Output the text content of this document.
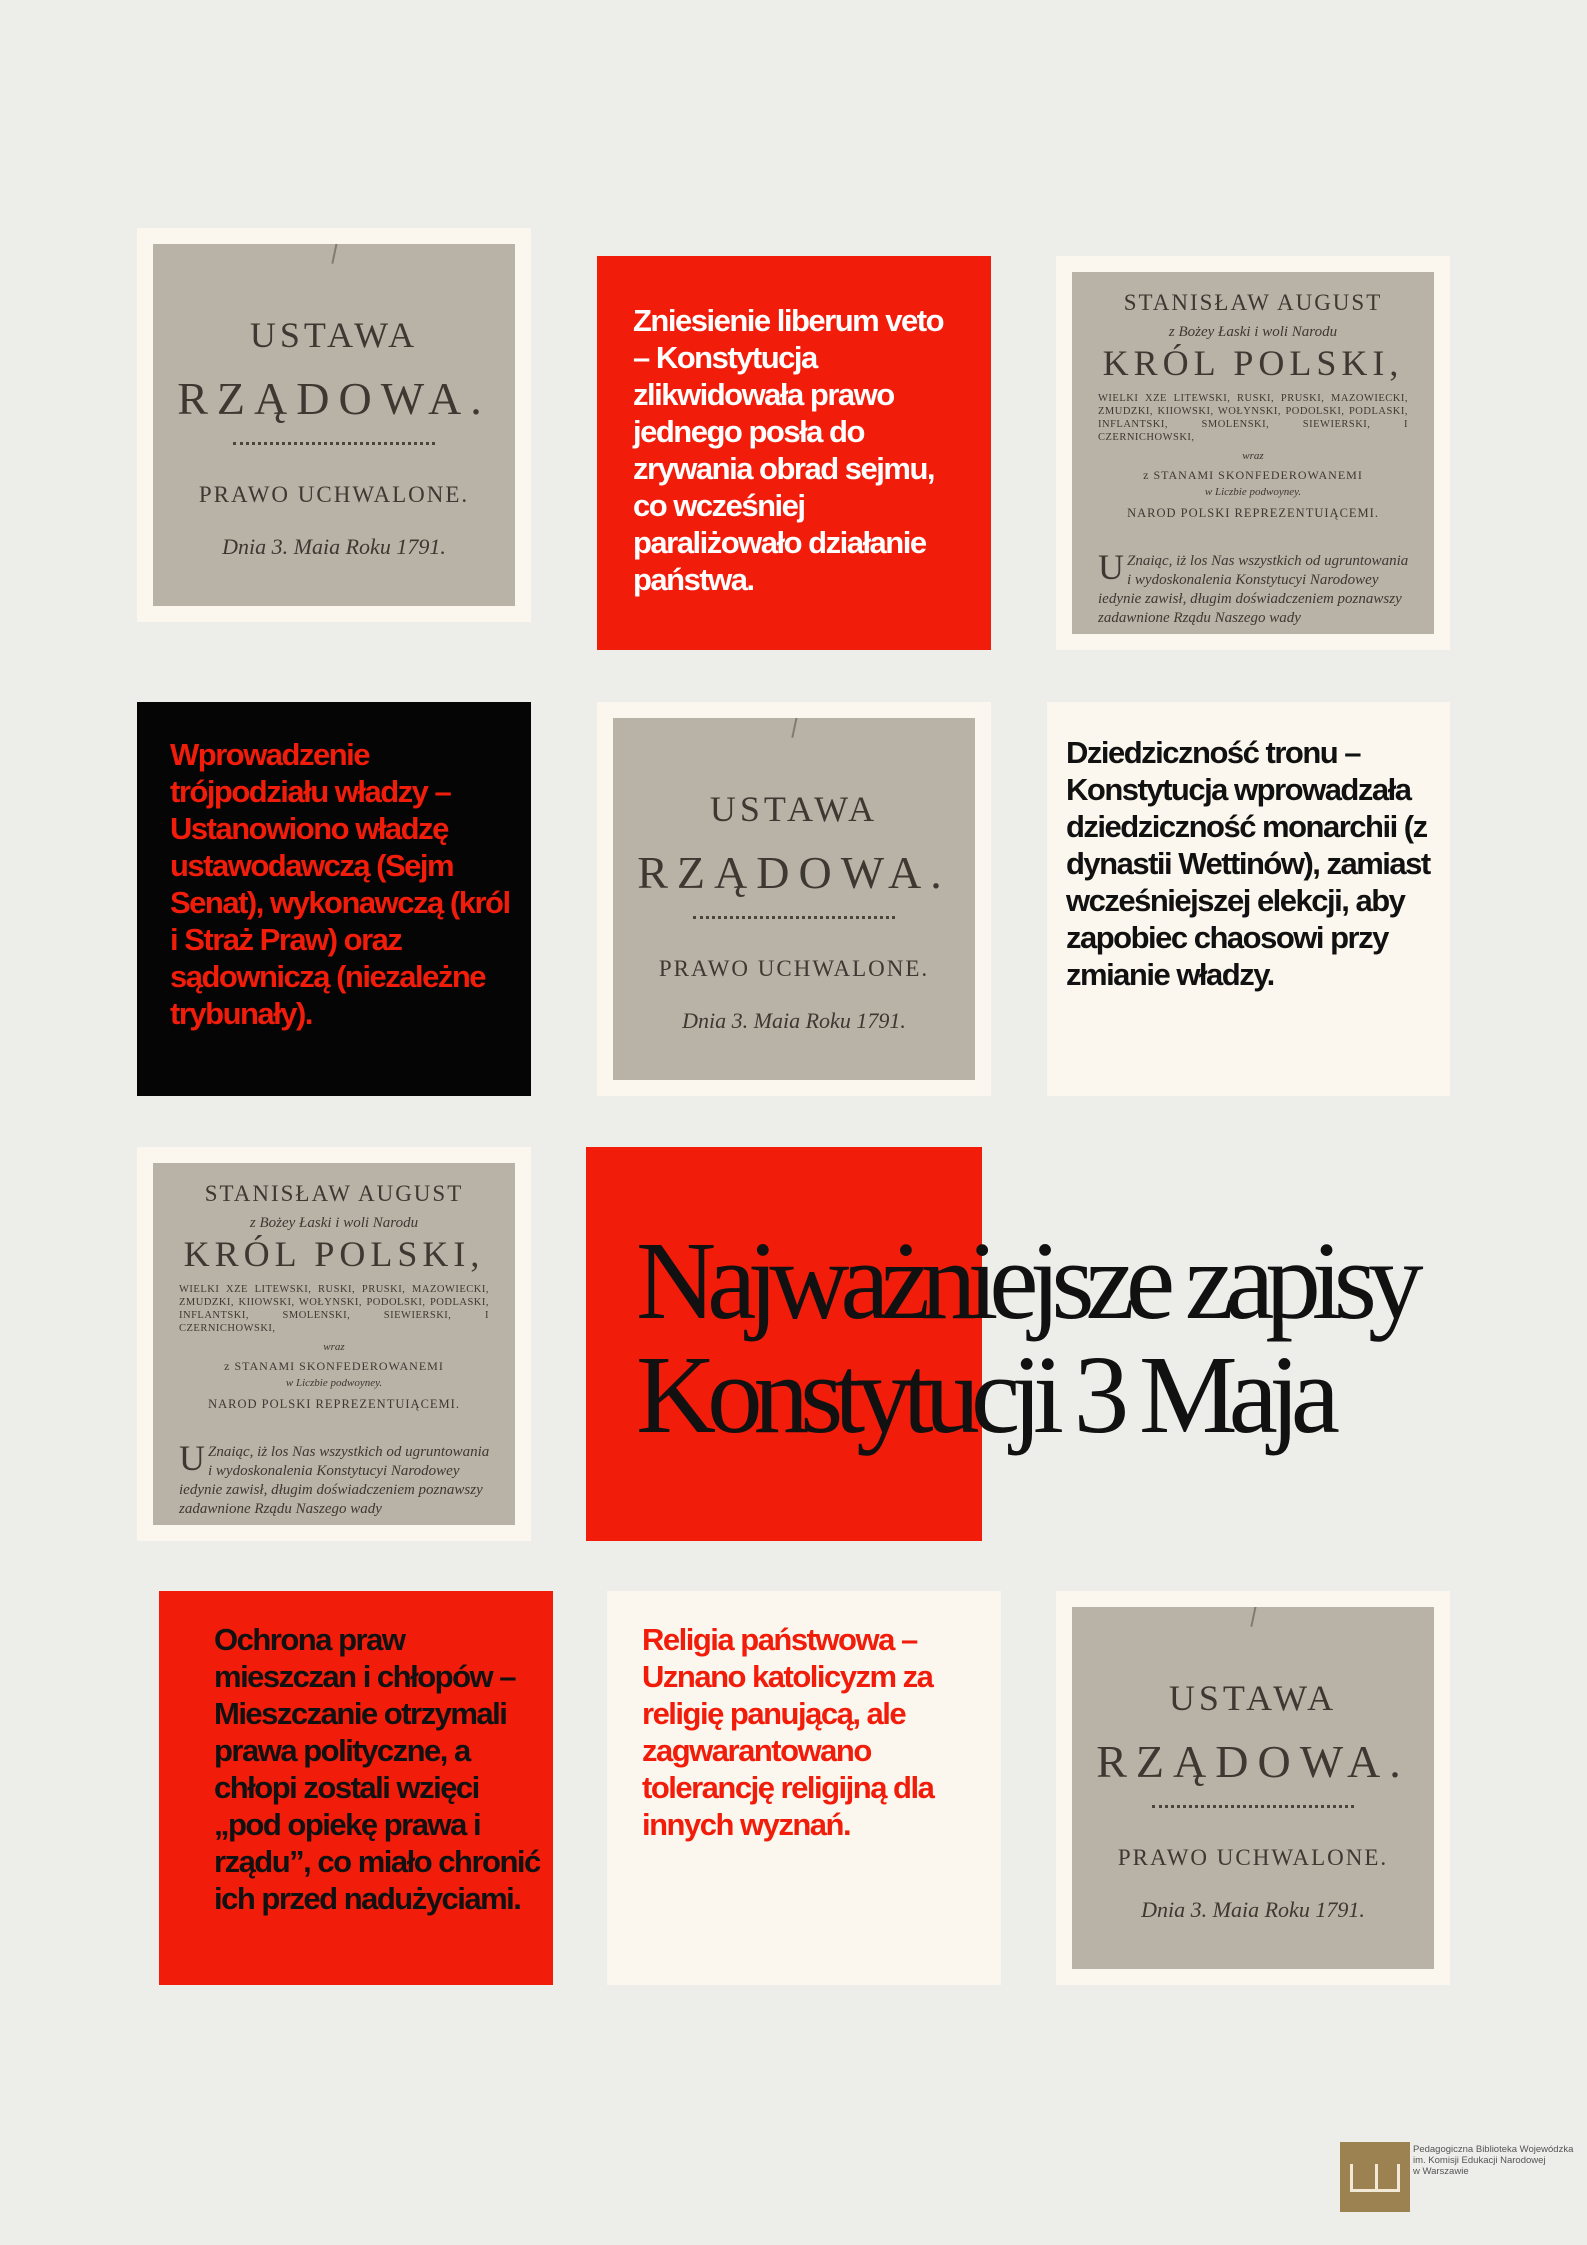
USTAWA
RZĄDOWA.
PRAWO UCHWALONE.
Dnia 3. Maia Roku 1791.
Zniesienie liberum veto – Konstytucja zlikwidowała prawo jednego posła do zrywania obrad sejmu, co wcześniej paraliżowało działanie państwa.
STANISŁAW AUGUST
z Bożey Łaski i woli Narodu
KRÓL POLSKI,
WIELKI XZE LITEWSKI, RUSKI, PRUSKI, MAZOWIECKI, ZMUDZKI, KIIOWSKI, WOŁYNSKI, PODOLSKI, PODLASKI, INFLANTSKI, SMOLENSKI, SIEWIERSKI, I CZERNICHOWSKI,
wraz
z STANAMI SKONFEDEROWANEMI
w Liczbie podwoyney.
NAROD POLSKI REPREZENTUIĄCEMI.
U Znaiąc, iż los Nas wszystkich od ugruntowania i wydoskonalenia Konstytucyi Narodowey iedynie zawisł, długim doświadczeniem poznawszy zadawnione Rządu Naszego wady
Wprowadzenie trójpodziału władzy – Ustanowiono władzę ustawodawczą (Sejm Senat), wykonawczą (król i Straż Praw) oraz sądowniczą (niezależne trybunały).
USTAWA
RZĄDOWA.
PRAWO UCHWALONE.
Dnia 3. Maia Roku 1791.
Dziedziczność tronu – Konstytucja wprowadzała dziedziczność monarchii (z dynastii Wettinów), zamiast wcześniejszej elekcji, aby zapobiec chaosowi przy zmianie władzy.
STANISŁAW AUGUST
z Bożey Łaski i woli Narodu
KRÓL POLSKI,
WIELKI XZE LITEWSKI, RUSKI, PRUSKI, MAZOWIECKI, ZMUDZKI, KIIOWSKI, WOŁYNSKI, PODOLSKI, PODLASKI, INFLANTSKI, SMOLENSKI, SIEWIERSKI, I CZERNICHOWSKI,
wraz
z STANAMI SKONFEDEROWANEMI
w Liczbie podwoyney.
NAROD POLSKI REPREZENTUIĄCEMI.
U Znaiąc, iż los Nas wszystkich od ugruntowania i wydoskonalenia Konstytucyi Narodowey iedynie zawisł, długim doświadczeniem poznawszy zadawnione Rządu Naszego wady
Najważniejsze zapisy
Konstytucji 3 Maja
Ochrona praw mieszczan i chłopów – Mieszczanie otrzymali prawa polityczne, a chłopi zostali wzięci „pod opiekę prawa i rządu”, co miało chronić ich przed nadużyciami.
Religia państwowa – Uznano katolicyzm za religię panującą, ale zagwarantowano tolerancję religijną dla innych wyznań.
USTAWA
RZĄDOWA.
PRAWO UCHWALONE.
Dnia 3. Maia Roku 1791.
Pedagogiczna Biblioteka Wojewódzka
im. Komisji Edukacji Narodowej
w Warszawie
